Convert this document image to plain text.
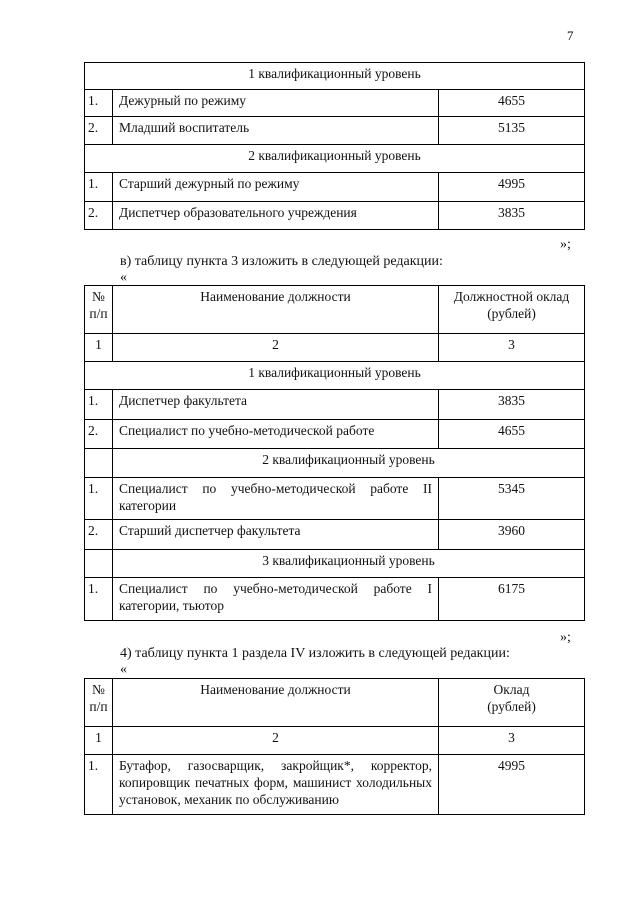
7
1 квалификационный уровень		
1.	Дежурный по режиму	4655
2.	Младший воспитатель	5135
2 квалификационный уровень		
1.	Старший дежурный по режиму	4995
2.	Диспетчер образовательного учреждения	3835
»;
в) таблицу пункта 3 изложить в следующей редакции:
«
№ п/п	Наименование должности	Должностной оклад (рублей)
1	2	3
1 квалификационный уровень		
1.	Диспетчер факультета	3835
2.	Специалист по учебно-методической работе	4655
	2 квалификационный уровень	
1.	Специалист по учебно-методической работе II категории	5345
2.	Старший диспетчер факультета	3960
	3 квалификационный уровень	
1.	Специалист по учебно-методической работе I категории, тьютор	6175
»;
4) таблицу пункта 1 раздела IV изложить в следующей редакции:
«
№ п/п	Наименование должности	Оклад (рублей)
1	2	3
1.	Бутафор, газосварщик, закройщик*, корректор, копировщик печатных форм, машинист холодильных установок, механик по обслуживанию	4995
